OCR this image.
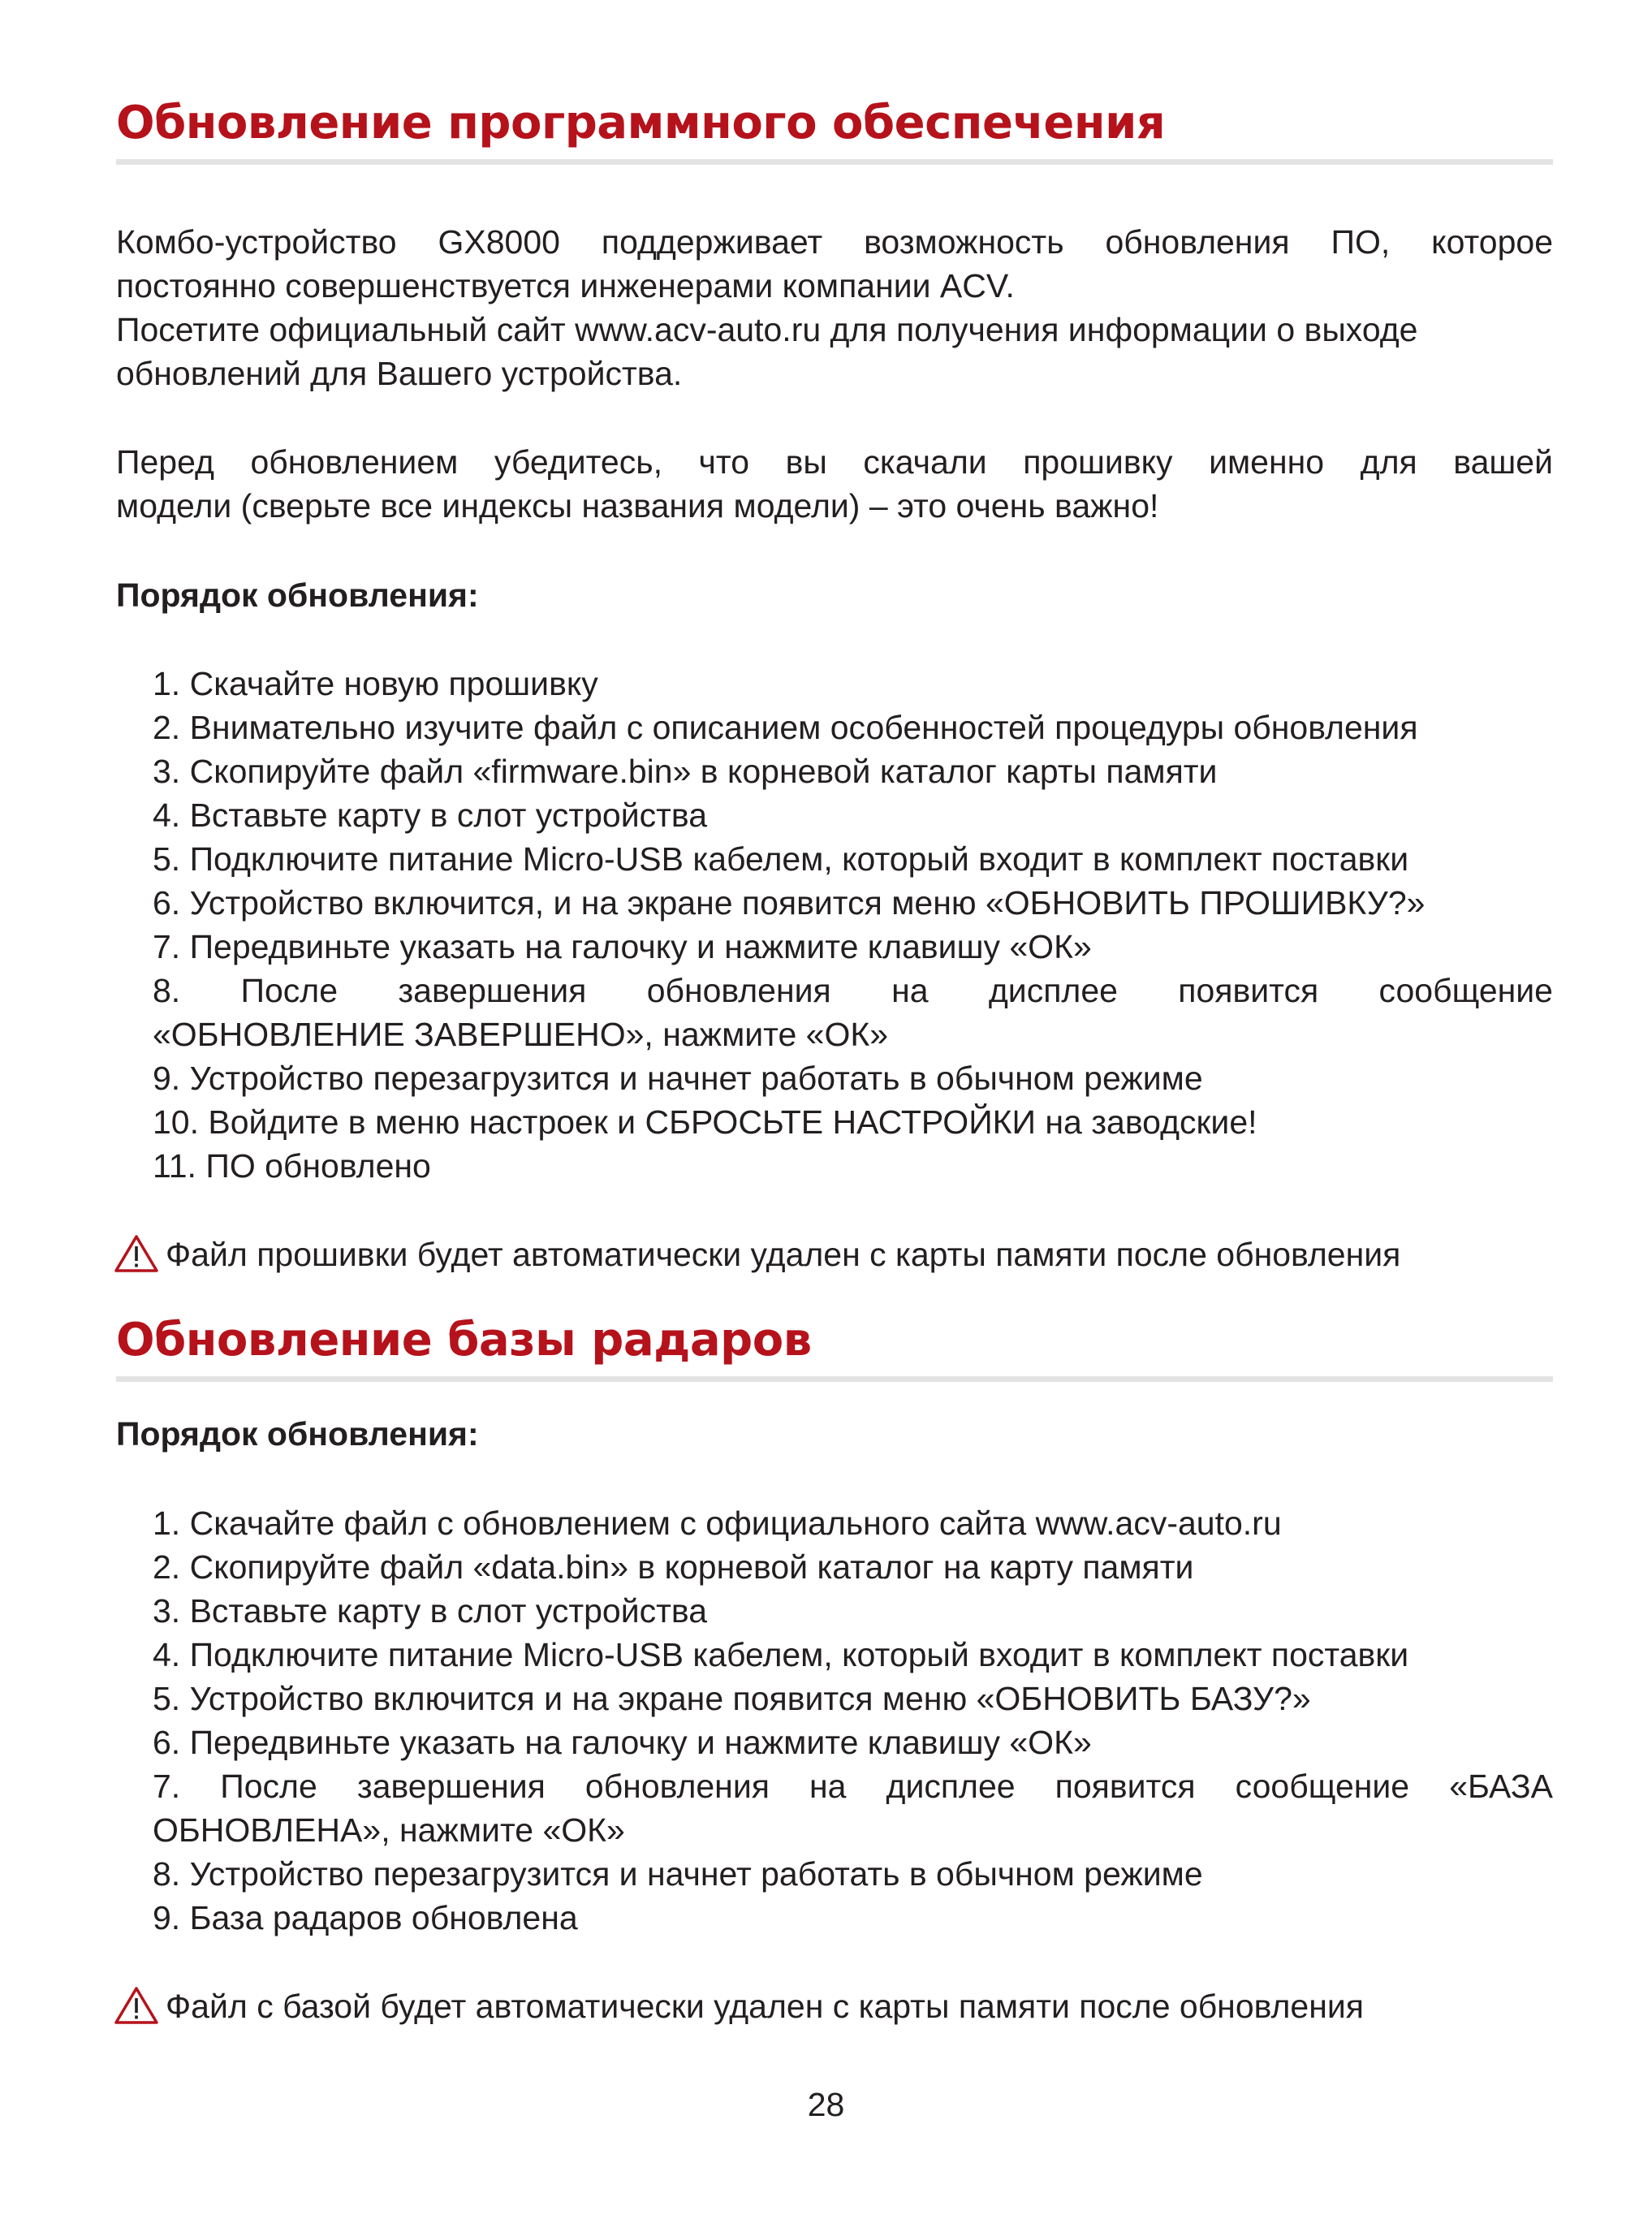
Обновление программного обеспечения

Комбо-устройство GX8000 поддерживает возможность обновления ПО, которое

постоянно совершенствуется инженерами компании ACV.

Посетите официальный сайт www.acv-auto.ru для получения информации о выходе

обновлений для Вашего устройства.

Перед обновлением убедитесь, что вы скачали прошивку именно для вашей

модели (сверьте все индексы названия модели) – это очень важно!

Порядок обновления:

1. Скачайте новую прошивку

2. Внимательно изучите файл с описанием особенностей процедуры обновления

3. Скопируйте файл «firmware.bin» в корневой каталог карты памяти

4. Вставьте карту в слот устройства

5. Подключите питание Micro-USB кабелем, который входит в комплект поставки

6. Устройство включится, и на экране появится меню «ОБНОВИТЬ ПРОШИВКУ?»

7. Передвиньте указать на галочку и нажмите клавишу «ОК»

8. После завершения обновления на дисплее появится сообщение

«ОБНОВЛЕНИЕ ЗАВЕРШЕНО», нажмите «ОК»

9. Устройство перезагрузится и начнет работать в обычном режиме

10. Войдите в меню настроек и СБРОСЬТЕ НАСТРОЙКИ на заводские!

11. ПО обновлено

Файл прошивки будет автоматически удален с карты памяти после обновления
Обновление базы радаров

Порядок обновления:

1. Скачайте файл с обновлением с официального сайта www.acv-auto.ru

2. Скопируйте файл «data.bin» в корневой каталог на карту памяти

3. Вставьте карту в слот устройства

4. Подключите питание Micro-USB кабелем, который входит в комплект поставки

5. Устройство включится и на экране появится меню «ОБНОВИТЬ БАЗУ?»

6. Передвиньте указать на галочку и нажмите клавишу «ОК»

7. После завершения обновления на дисплее появится сообщение «БАЗА

ОБНОВЛЕНА», нажмите «ОК»

8. Устройство перезагрузится и начнет работать в обычном режиме

9. База радаров обновлена

Файл с базой будет автоматически удален с карты памяти после обновления
28
